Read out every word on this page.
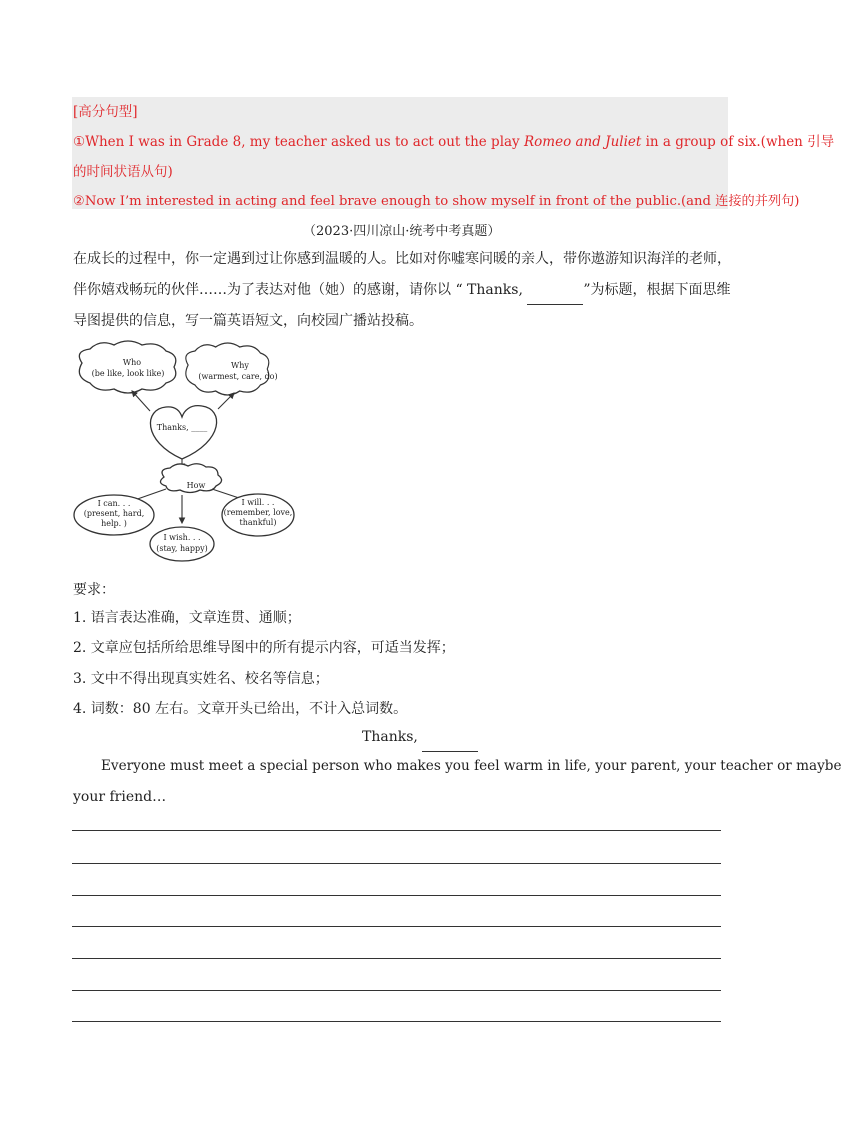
[高分句型]
①When I was in Grade 8, my teacher asked us to act out the play Romeo and Juliet in a group of six.(when 引导
的时间状语从句)
②Now I’m interested in acting and feel brave enough to show myself in front of the public.(and 连接的并列句)
（2023·四川凉山·统考中考真题）
在成长的过程中，你一定遇到过让你感到温暖的人。比如对你嘘寒问暖的亲人，带你遨游知识海洋的老师，
伴你嬉戏畅玩的伙伴……为了表达对他（她）的感谢，请你以 “ Thanks,	”为标题，根据下面思维
导图提供的信息，写一篇英语短文，向校园广播站投稿。
Who
(be like, look like)
Why
(warmest, care, do)
Thanks, ____
How
I can. . .
(present, hard,
help. )
I wish. . .
(stay, happy)
I will. . .
(remember, love,
thankful)
要求：
1. 语言表达准确，文章连贯、通顺；
2. 文章应包括所给思维导图中的所有提示内容，可适当发挥；
3. 文中不得出现真实姓名、校名等信息；
4. 词数：80 左右。文章开头已给出，不计入总词数。
Thanks,
Everyone must meet a special person who makes you feel warm in life, your parent, your teacher or maybe
your friend…
